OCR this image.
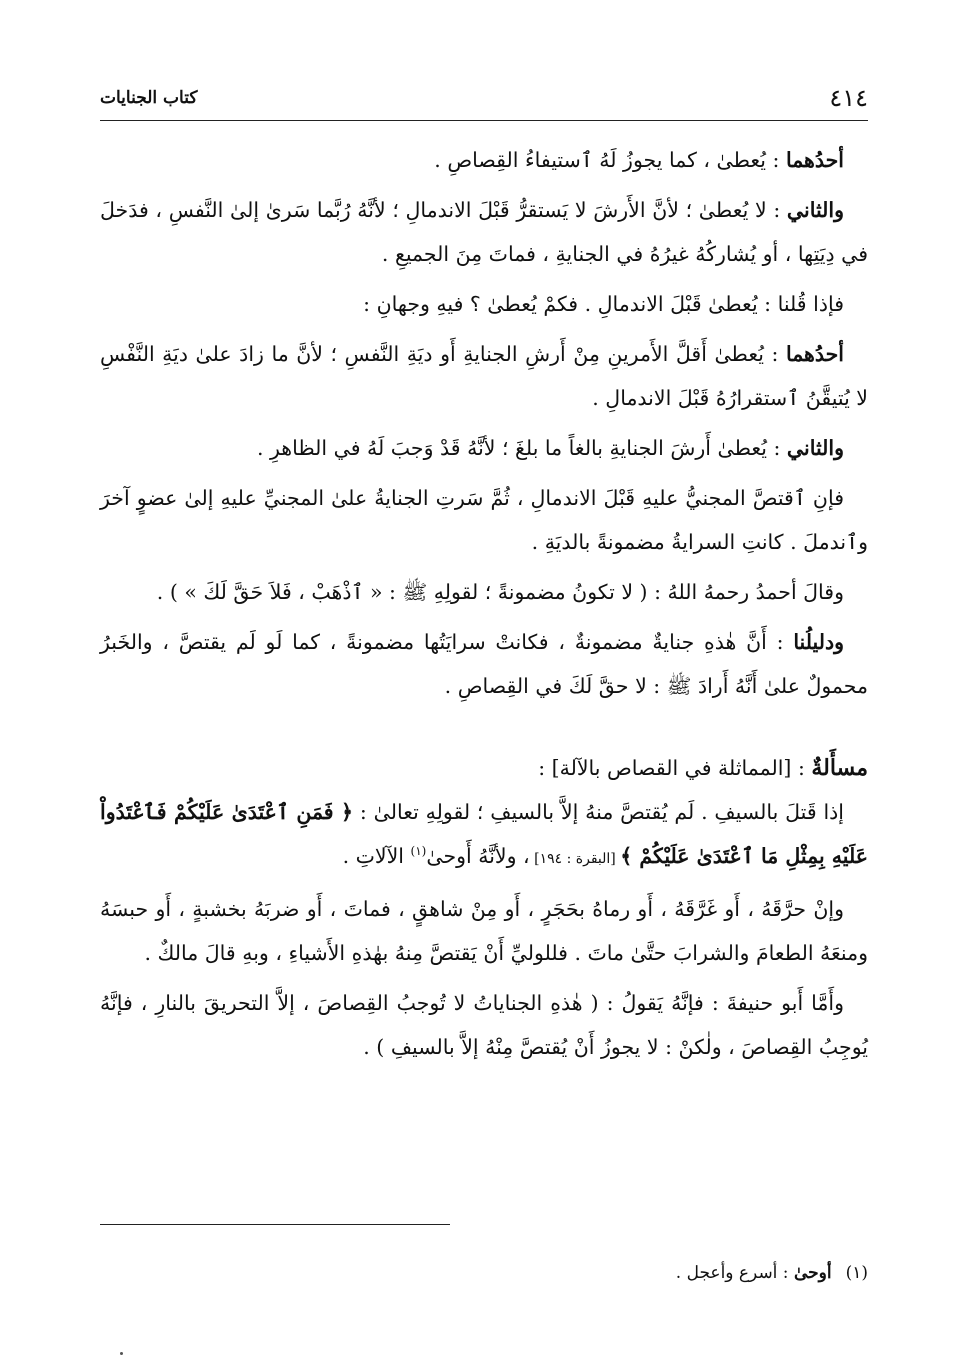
٤١٤
كتاب الجنايات

أحدُهما : يُعطىٰ ، كما يجوزُ لَهُ ٱستيفاءُ القِصاصِ .

والثاني : لا يُعطىٰ ؛ لأنَّ الأَرشَ لا يَستقرُّ قَبْلَ الاندمالِ ؛ لأنَّهُ رُبَّما سَرىٰ إلىٰ النَّفسِ ، فدَخلَ في دِيَتِها ، أو يُشاركُهُ غيرُهُ في الجنايةِ ، فماتَ مِنَ الجميعِ .

فإذا قُلنا : يُعطىٰ قَبْلَ الاندمالِ . فكمْ يُعطىٰ ؟ فيهِ وجهانِ :

أحدُهما : يُعطىٰ أَقلَّ الأَمرينِ مِنْ أَرشِ الجنايةِ أَو ديَةِ النَّفسِ ؛ لأنَّ ما زادَ علىٰ ديَةِ النَّفْسِ لا يُتيقَّنُ ٱستقرارُهُ قَبْلَ الاندمالِ .

والثاني : يُعطىٰ أَرشَ الجنايةِ بالغاً ما بلغَ ؛ لأنَّهُ قَدْ وَجبَ لَهُ في الظاهرِ .

فإنِ ٱقتصَّ المجنيُّ عليهِ قَبْلَ الاندمالِ ، ثُمَّ سَرتِ الجنايةُ علىٰ المجنيِّ عليهِ إلىٰ عضوٍ آخرَ وٱندملَ . كانتِ السرايةُ مضمونةً بالديَةِ .

وقالَ أحمدُ رحمهُ اللهُ : ( لا تكونُ مضمونةً ؛ لقولِهِ ﷺ : « ٱذْهَبْ ، فَلاَ حَقَّ لَكَ » ) .

ودليلُنا : أَنَّ هٰذهِ جنايةٌ مضمونةٌ ، فكانتْ سرايَتُها مضمونةً ، كما لَو لَم يقتصَّ ، والخَبرُ محمولٌ علىٰ أَنَّهُ أَرادَ ﷺ : لا حقَّ لَكَ في القِصاصِ .

مسأَلةٌ : [المماثلة في القصاص بالآلة] :

إذا قَتلَ بالسيفِ . لَم يُقتصَّ منهُ إلاَّ بالسيفِ ؛ لقولِهِ تعالىٰ : ﴿ فَمَنِ ٱعْتَدَىٰ عَلَيْكُمْ فَٱعْتَدُواْ عَلَيْهِ بِمِثْلِ مَا ٱعْتَدَىٰ عَلَيْكُمْ ﴾ [البقرة : ١٩٤] ، ولأنَّهُ أَوحىٰ$^{(١)}$ الآلاتِ .

وإنْ حرَّقَهُ ، أَو غَرَّقَهُ ، أَو رماهُ بحَجَرٍ ، أَو مِنْ شاهقٍ ، فماتَ ، أَو ضربَهُ بخشبةٍ ، أَو حبسَهُ ومنعَهُ الطعامَ والشرابَ حتَّىٰ ماتَ . فللوليِّ أَنْ يَقتصَّ مِنهُ بهٰذهِ الأَشياءِ ، وبهِ قالَ مالكٌ .

وأَمَّا أَبو حنيفةَ : فإنَّهُ يَقولُ : ( هٰذهِ الجناياتُ لا تُوجبُ القِصاصَ ، إلاَّ التحريقَ بالنارِ ، فإنَّهُ يُوجِبُ القِصاصَ ، ولٰكنْ : لا يجوزُ أَنْ يُقتصَّ مِنْهُ إلاَّ بالسيفِ ) .

(١)أوحىٰ : أسرع وأعجل .
